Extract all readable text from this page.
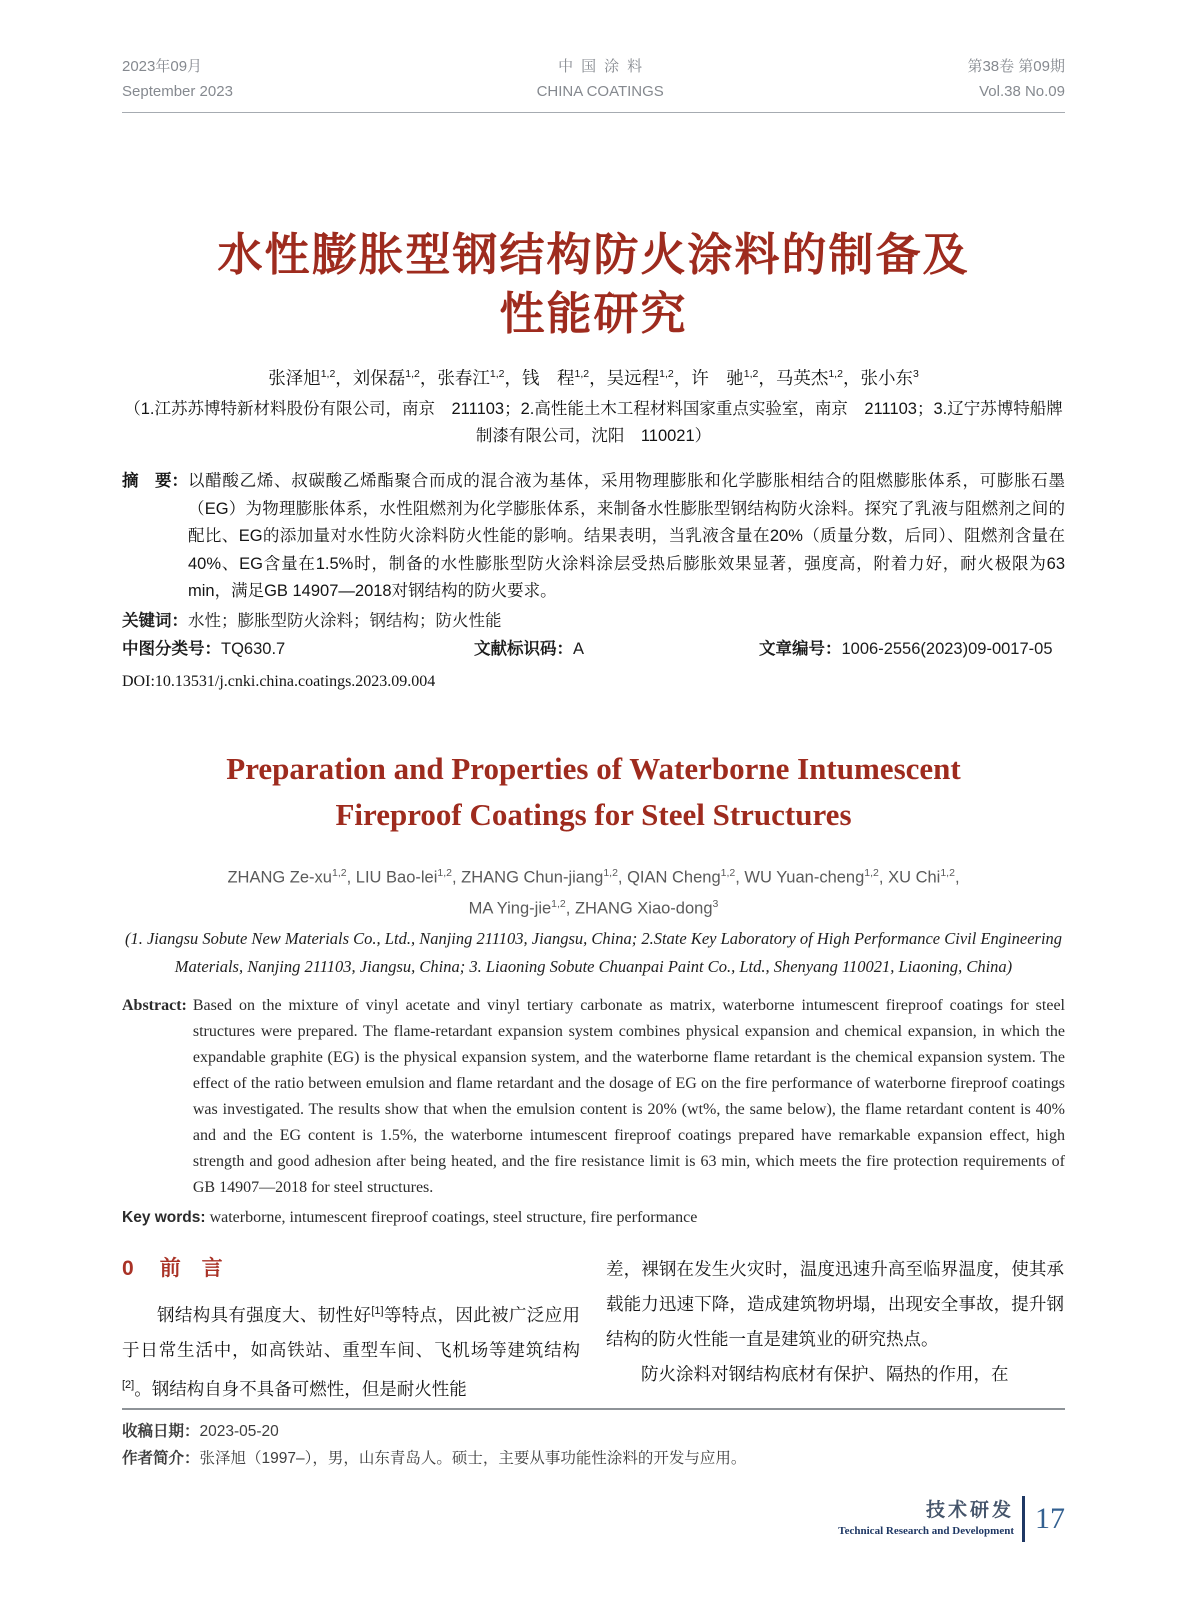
2023年09月
September 2023
中国涂料
CHINA COATINGS
第38卷 第09期
Vol.38 No.09
水性膨胀型钢结构防火涂料的制备及
性能研究
张泽旭$^{1,2}$，刘保磊$^{1,2}$，张春江$^{1,2}$，钱　程$^{1,2}$，吴远程$^{1,2}$，许　驰$^{1,2}$，马英杰$^{1,2}$，张小东$^3$
（1.江苏苏博特新材料股份有限公司，南京　211103；2.高性能土木工程材料国家重点实验室，南京　211103；3.辽宁苏博特船牌制漆有限公司，沈阳　110021）
摘　要： 以醋酸乙烯、叔碳酸乙烯酯聚合而成的混合液为基体，采用物理膨胀和化学膨胀相结合的阻燃膨胀体系，可膨胀石墨（EG）为物理膨胀体系，水性阻燃剂为化学膨胀体系，来制备水性膨胀型钢结构防火涂料。探究了乳液与阻燃剂之间的配比、EG的添加量对水性防火涂料防火性能的影响。结果表明，当乳液含量在20%（质量分数，后同）、阻燃剂含量在40%、EG含量在1.5%时，制备的水性膨胀型防火涂料涂层受热后膨胀效果显著，强度高，附着力好，耐火极限为63 min，满足GB 14907—2018对钢结构的防火要求。
关键词：水性；膨胀型防火涂料；钢结构；防火性能
中图分类号：TQ630.7	文献标识码：A	文章编号：1006-2556(2023)09-0017-05
DOI:10.13531/j.cnki.china.coatings.2023.09.004
Preparation and Properties of Waterborne Intumescent
Fireproof Coatings for Steel Structures
ZHANG Ze-xu$^{1,2}$, LIU Bao-lei$^{1,2}$, ZHANG Chun-jiang$^{1,2}$, QIAN Cheng$^{1,2}$, WU Yuan-cheng$^{1,2}$, XU Chi$^{1,2}$,
MA Ying-jie$^{1,2}$, ZHANG Xiao-dong$^3$
(1. Jiangsu Sobute New Materials Co., Ltd., Nanjing 211103, Jiangsu, China; 2.State Key Laboratory of High Performance Civil Engineering Materials, Nanjing 211103, Jiangsu, China; 3. Liaoning Sobute Chuanpai Paint Co., Ltd., Shenyang 110021, Liaoning, China)
Abstract: Based on the mixture of vinyl acetate and vinyl tertiary carbonate as matrix, waterborne intumescent fireproof coatings for steel structures were prepared. The flame-retardant expansion system combines physical expansion and chemical expansion, in which the expandable graphite (EG) is the physical expansion system, and the waterborne flame retardant is the chemical expansion system. The effect of the ratio between emulsion and flame retardant and the dosage of EG on the fire performance of waterborne fireproof coatings was investigated. The results show that when the emulsion content is 20% (wt%, the same below), the flame retardant content is 40% and and the EG content is 1.5%, the waterborne intumescent fireproof coatings prepared have remarkable expansion effect, high strength and good adhesion after being heated, and the fire resistance limit is 63 min, which meets the fire protection requirements of GB 14907—2018 for steel structures.
Key words: waterborne, intumescent fireproof coatings, steel structure, fire performance
0 前　言

钢结构具有强度大、韧性好[1]等特点，因此被广泛应用于日常生活中，如高铁站、重型车间、飞机场等建筑结构[2]。钢结构自身不具备可燃性，但是耐火性能

差，裸钢在发生火灾时，温度迅速升高至临界温度，使其承载能力迅速下降，造成建筑物坍塌，出现安全事故，提升钢结构的防火性能一直是建筑业的研究热点。

防火涂料对钢结构底材有保护、隔热的作用，在

收稿日期：2023-05-20
作者简介：张泽旭（1997–），男，山东青岛人。硕士，主要从事功能性涂料的开发与应用。
技术研发
Technical Research and Development 17
